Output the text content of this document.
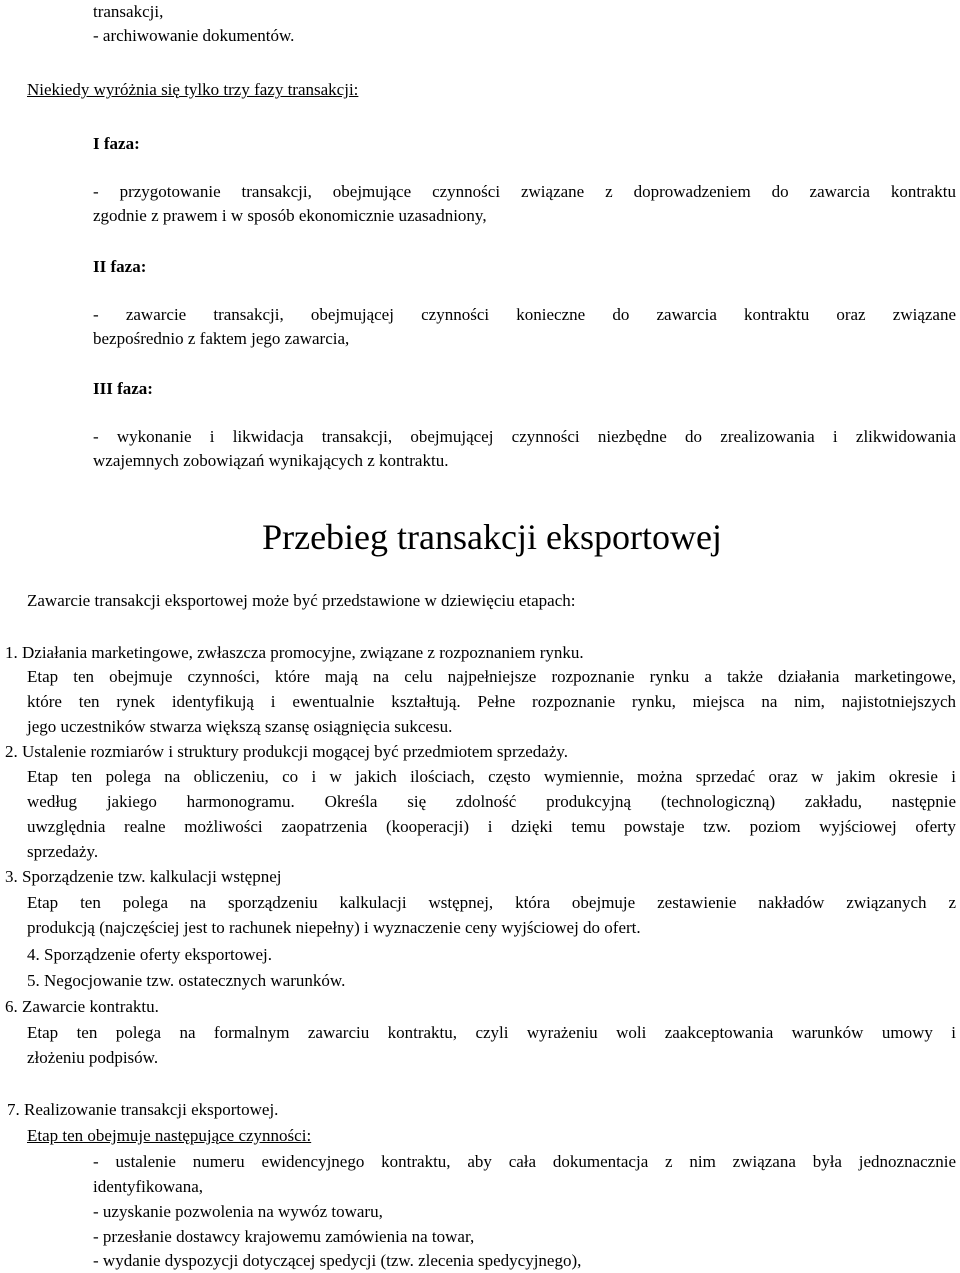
transakcji,

- archiwowanie dokumentów.

Niekiedy wyróżnia się tylko trzy fazy transakcji:

I faza:

- przygotowanie transakcji, obejmujące czynności związane z doprowadzeniem do zawarcia kontraktu

zgodnie z prawem i w sposób ekonomicznie uzasadniony,

II faza:

- zawarcie transakcji, obejmującej czynności konieczne do zawarcia kontraktu oraz związane

bezpośrednio z faktem jego zawarcia,

III faza:

- wykonanie i likwidacja transakcji, obejmującej czynności niezbędne do zrealizowania i zlikwidowania

wzajemnych zobowiązań wynikających z kontraktu.

Przebieg transakcji eksportowej

Zawarcie transakcji eksportowej może być przedstawione w dziewięciu etapach:

1. Działania marketingowe, zwłaszcza promocyjne, związane z rozpoznaniem rynku.

Etap ten obejmuje czynności, które mają na celu najpełniejsze rozpoznanie rynku a także działania marketingowe,

które ten rynek identyfikują i ewentualnie kształtują. Pełne rozpoznanie rynku, miejsca na nim, najistotniejszych

jego uczestników stwarza większą szansę osiągnięcia sukcesu.

2. Ustalenie rozmiarów i struktury produkcji mogącej być przedmiotem sprzedaży.

Etap ten polega na obliczeniu, co i w jakich ilościach, często wymiennie, można sprzedać oraz w jakim okresie i

według jakiego harmonogramu. Określa się zdolność produkcyjną (technologiczną) zakładu, następnie

uwzględnia realne możliwości zaopatrzenia (kooperacji) i dzięki temu powstaje tzw. poziom wyjściowej oferty

sprzedaży.

3. Sporządzenie tzw. kalkulacji wstępnej

Etap ten polega na sporządzeniu kalkulacji wstępnej, która obejmuje zestawienie nakładów związanych z

produkcją (najczęściej jest to rachunek niepełny) i wyznaczenie ceny wyjściowej do ofert.

4. Sporządzenie oferty eksportowej.

5. Negocjowanie tzw. ostatecznych warunków.

6. Zawarcie kontraktu.

Etap ten polega na formalnym zawarciu kontraktu, czyli wyrażeniu woli zaakceptowania warunków umowy i

złożeniu podpisów.

7. Realizowanie transakcji eksportowej.

Etap ten obejmuje następujące czynności:

- ustalenie numeru ewidencyjnego kontraktu, aby cała dokumentacja z nim związana była jednoznacznie

identyfikowana,

- uzyskanie pozwolenia na wywóz towaru,

- przesłanie dostawcy krajowemu zamówienia na towar,

- wydanie dyspozycji dotyczącej spedycji (tzw. zlecenia spedycyjnego),
